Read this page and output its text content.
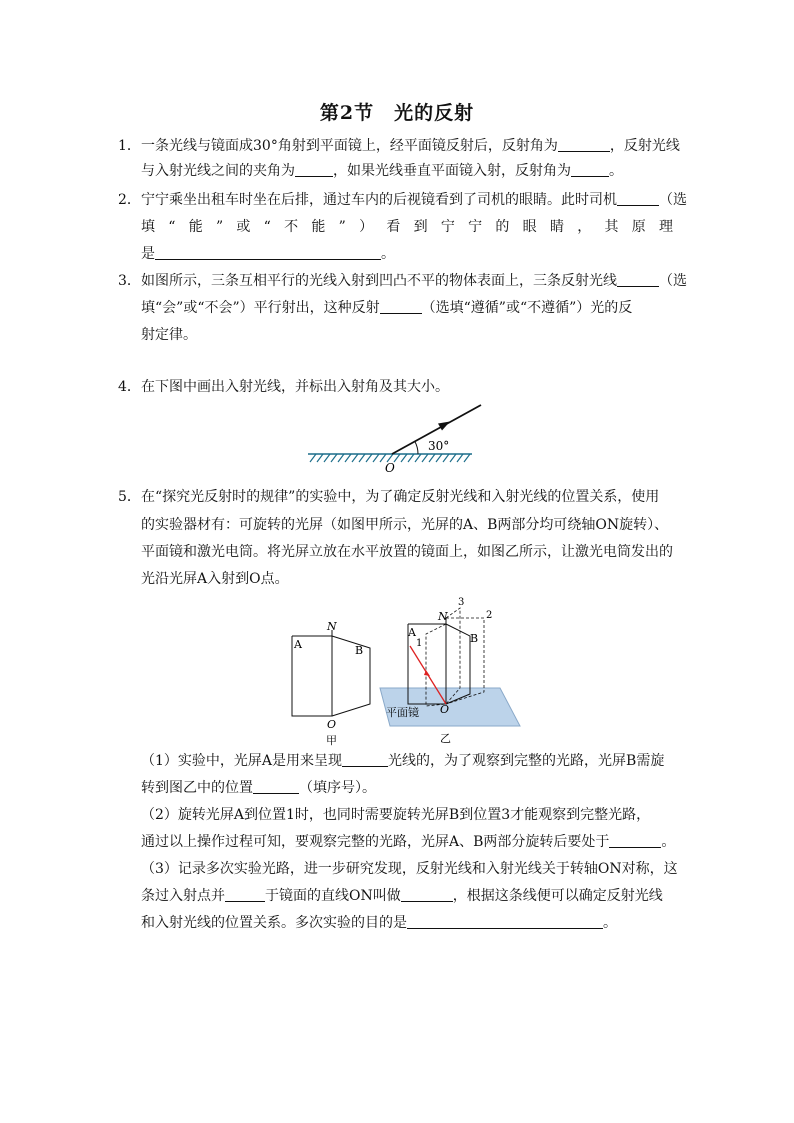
第2节　光的反射
1． 一条光线与镜面成30°角射到平面镜上，经平面镜反射后，反射角为	，反射光线
与入射光线之间的夹角为	，如果光线垂直平面镜入射，反射角为	。
2． 宁宁乘坐出租车时坐在后排，通过车内的后视镜看到了司机的眼睛。此时司机	（选
填 “ 能 ” 或 “ 不 能 ” ） 看 到 宁 宁 的 眼 睛 ， 其 原 理
是	。
3． 如图所示，三条互相平行的光线入射到凹凸不平的物体表面上，三条反射光线	（选
填“会”或“不会”）平行射出，这种反射	（选填“遵循”或“不遵循”）光的反
射定律。
4． 在下图中画出入射光线，并标出入射角及其大小。
30°
O
5． 在“探究光反射时的规律”的实验中，为了确定反射光线和入射光线的位置关系，使用
的实验器材有：可旋转的光屏（如图甲所示，光屏的A、B两部分均可绕轴ON旋转）、
平面镜和激光电筒。将光屏立放在水平放置的镜面上，如图乙所示，让激光电筒发出的
光沿光屏A入射到O点。
A	B
N
O
甲
A
1	B
N
3
2
O
平面镜
乙
（1）实验中，光屏A是用来呈现	光线的，为了观察到完整的光路，光屏B需旋
转到图乙中的位置	（填序号）。
（2）旋转光屏A到位置1时，也同时需要旋转光屏B到位置3才能观察到完整光路，
通过以上操作过程可知，要观察完整的光路，光屏A、B两部分旋转后要处于	。
（3）记录多次实验光路，进一步研究发现，反射光线和入射光线关于转轴ON对称，这
条过入射点并	于镜面的直线ON叫做	，根据这条线便可以确定反射光线
和入射光线的位置关系。多次实验的目的是	。
